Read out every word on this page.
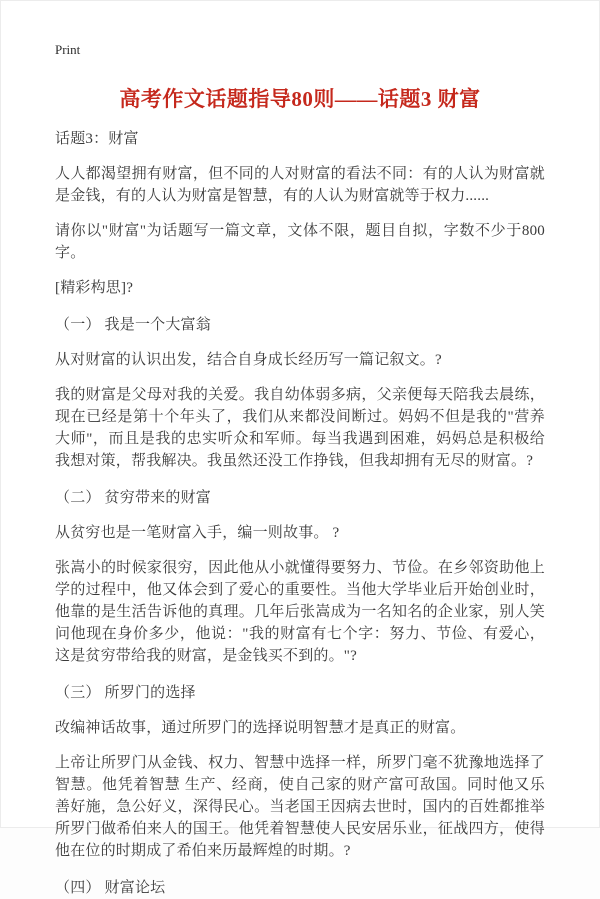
Print
高考作文话题指导80则——话题3 财富

话题3：财富

人人都渴望拥有财富，但不同的人对财富的看法不同：有的人认为财富就是金钱，有的人认为财富是智慧，有的人认为财富就等于权力......

请你以"财富"为话题写一篇文章，文体不限，题目自拟，字数不少于800字。

[精彩构思]?

（一） 我是一个大富翁

从对财富的认识出发，结合自身成长经历写一篇记叙文。?

我的财富是父母对我的关爱。我自幼体弱多病，父亲便每天陪我去晨练，现在已经是第十个年头了，我们从来都没间断过。妈妈不但是我的"营养大师"，而且是我的忠实听众和军师。每当我遇到困难，妈妈总是积极给我想对策，帮我解决。我虽然还没工作挣钱，但我却拥有无尽的财富。?

（二） 贫穷带来的财富

从贫穷也是一笔财富入手，编一则故事。 ?

张嵩小的时候家很穷，因此他从小就懂得要努力、节俭。在乡邻资助他上学的过程中，他又体会到了爱心的重要性。当他大学毕业后开始创业时，他靠的是生活告诉他的真理。几年后张嵩成为一名知名的企业家，别人笑问他现在身价多少，他说："我的财富有七个字：努力、节俭、有爱心，这是贫穷带给我的财富，是金钱买不到的。"?

（三） 所罗门的选择

改编神话故事，通过所罗门的选择说明智慧才是真正的财富。

上帝让所罗门从金钱、权力、智慧中选择一样，所罗门毫不犹豫地选择了智慧。他凭着智慧 生产、经商，使自己家的财产富可敌国。同时他又乐善好施，急公好义，深得民心。当老国王因病去世时，国内的百姓都推举所罗门做希伯来人的国王。他凭着智慧使人民安居乐业，征战四方，使得他在位的时期成了希伯来历最辉煌的时期。?

（四） 财富论坛
